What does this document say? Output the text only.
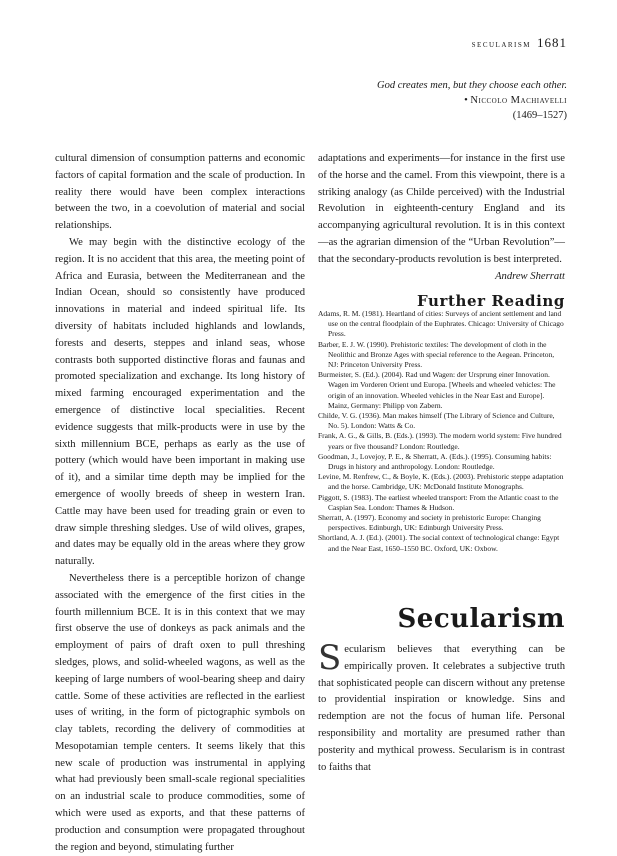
secularism 1681
God creates men, but they choose each other.
• Niccolo Machiavelli
(1469–1527)

cultural dimension of consumption patterns and economic factors of capital formation and the scale of production. In reality there would have been complex interactions between the two, in a coevolution of material and social relationships.

We may begin with the distinctive ecology of the region. It is no accident that this area, the meeting point of Africa and Eurasia, between the Mediterranean and the Indian Ocean, should so consistently have produced innovations in material and indeed spiritual life. Its diversity of habitats included highlands and lowlands, forests and deserts, steppes and inland seas, whose contrasts both supported distinctive floras and faunas and promoted specialization and exchange. Its long history of mixed farming encouraged experimentation and the emergence of distinctive local specialities. Recent evidence suggests that milk-products were in use by the sixth millennium BCE, perhaps as early as the use of pottery (which would have been important in making use of it), and a similar time depth may be implied for the emergence of woolly breeds of sheep in western Iran. Cattle may have been used for treading grain or even to draw simple threshing sledges. Use of wild olives, grapes, and dates may be equally old in the areas where they grow naturally.

Nevertheless there is a perceptible horizon of change associated with the emergence of the first cities in the fourth millennium BCE. It is in this context that we may first observe the use of donkeys as pack animals and the employment of pairs of draft oxen to pull threshing sledges, plows, and solid-wheeled wagons, as well as the keeping of large numbers of wool-bearing sheep and dairy cattle. Some of these activities are reflected in the earliest uses of writing, in the form of pictographic symbols on clay tablets, recording the delivery of commodities at Mesopotamian temple centers. It seems likely that this new scale of production was instrumental in applying what had previously been small-scale regional specialities on an industrial scale to produce commodities, some of which were used as exports, and that these patterns of production and consumption were propagated throughout the region and beyond, stimulating further

adaptations and experiments—for instance in the first use of the horse and the camel. From this viewpoint, there is a striking analogy (as Childe perceived) with the Industrial Revolution in eighteenth-century England and its accompanying agricultural revolution. It is in this context—as the agrarian dimension of the “Urban Revolution”—that the secondary-products revolution is best interpreted.

Andrew Sherratt

Further Reading
Adams, R. M. (1981). Heartland of cities: Surveys of ancient settlement and land use on the central floodplain of the Euphrates. Chicago: University of Chicago Press.
Barber, E. J. W. (1990). Prehistoric textiles: The development of cloth in the Neolithic and Bronze Ages with special reference to the Aegean. Princeton, NJ: Princeton University Press.
Burmeister, S. (Ed.). (2004). Rad und Wagen: der Ursprung einer Innovation. Wagen im Vorderen Orient und Europa. [Wheels and wheeled vehicles: The origin of an innovation. Wheeled vehicles in the Near East and Europe]. Mainz, Germany: Philipp von Zabern.
Childe, V. G. (1936). Man makes himself (The Library of Science and Culture, No. 5). London: Watts & Co.
Frank, A. G., & Gills, B. (Eds.). (1993). The modern world system: Five hundred years or five thousand? London: Routledge.
Goodman, J., Lovejoy, P. E., & Sherratt, A. (Eds.). (1995). Consuming habits: Drugs in history and anthropology. London: Routledge.
Levine, M. Renfrew, C., & Boyle, K. (Eds.). (2003). Prehistoric steppe adaptation and the horse. Cambridge, UK: McDonald Institute Monographs.
Piggott, S. (1983). The earliest wheeled transport: From the Atlantic coast to the Caspian Sea. London: Thames & Hudson.
Sherratt, A. (1997). Economy and society in prehistoric Europe: Changing perspectives. Edinburgh, UK: Edinburgh University Press.
Shortland, A. J. (Ed.). (2001). The social context of technological change: Egypt and the Near East, 1650–1550 BC. Oxford, UK: Oxbow.
Secularism
Secularism believes that everything can be empirically proven. It celebrates a subjective truth that sophisticated people can discern without any pretense to providential inspiration or knowledge. Sins and redemption are not the focus of human life. Personal responsibility and mortality are presumed rather than posterity and mythical prowess. Secularism is in contrast to faiths that
